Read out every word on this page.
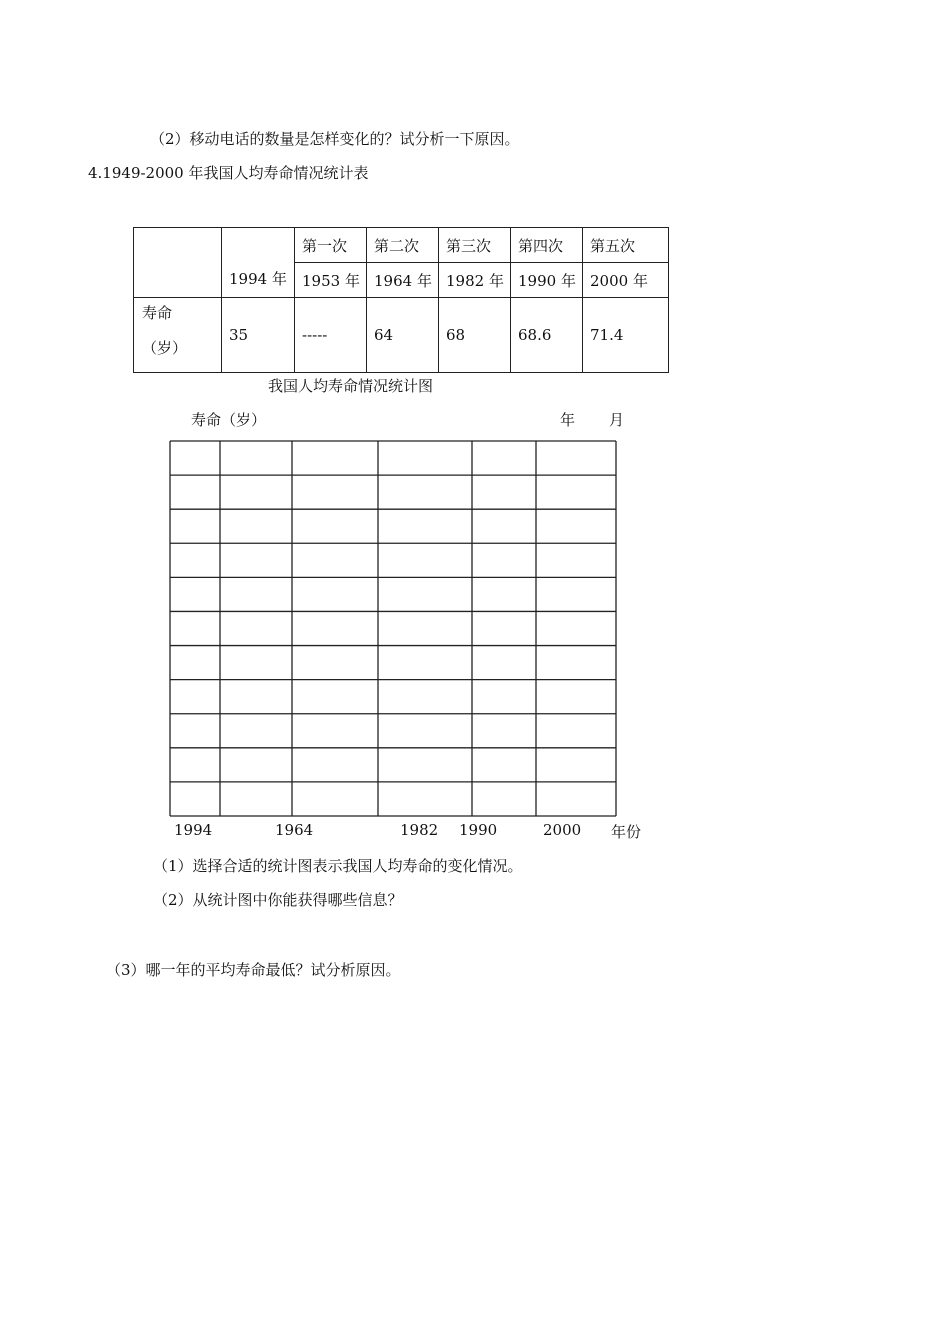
（2）移动电话的数量是怎样变化的？试分析一下原因。
4.1949-2000 年我国人均寿命情况统计表
	1994 年	第一次	第二次	第三次	第四次	第五次
		1953 年	1964 年	1982 年	1990 年	2000 年

寿命
（岁）	35	-----	64	68	68.6	71.4
我国人均寿命情况统计图
寿命（岁）	年 月
1994	1964	1982 1990	2000 年份
（1）选择合适的统计图表示我国人均寿命的变化情况。
（2）从统计图中你能获得哪些信息？
（3）哪一年的平均寿命最低？试分析原因。
